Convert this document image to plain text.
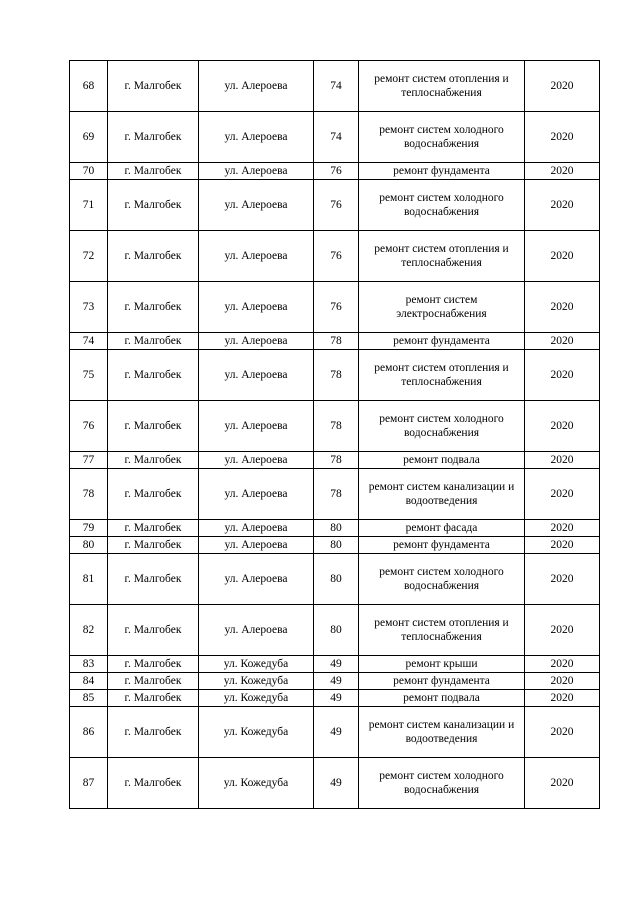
68	г. Малгобек	ул. Алероева	74	ремонт систем отопления и теплоснабжения	2020
69	г. Малгобек	ул. Алероева	74	ремонт систем холодного водоснабжения	2020
70	г. Малгобек	ул. Алероева	76	ремонт фундамента	2020
71	г. Малгобек	ул. Алероева	76	ремонт систем холодного водоснабжения	2020
72	г. Малгобек	ул. Алероева	76	ремонт систем отопления и теплоснабжения	2020
73	г. Малгобек	ул. Алероева	76	ремонт систем электроснабжения	2020
74	г. Малгобек	ул. Алероева	78	ремонт фундамента	2020
75	г. Малгобек	ул. Алероева	78	ремонт систем отопления и теплоснабжения	2020
76	г. Малгобек	ул. Алероева	78	ремонт систем холодного водоснабжения	2020
77	г. Малгобек	ул. Алероева	78	ремонт подвала	2020
78	г. Малгобек	ул. Алероева	78	ремонт систем канализации и водоотведения	2020
79	г. Малгобек	ул. Алероева	80	ремонт фасада	2020
80	г. Малгобек	ул. Алероева	80	ремонт фундамента	2020
81	г. Малгобек	ул. Алероева	80	ремонт систем холодного водоснабжения	2020
82	г. Малгобек	ул. Алероева	80	ремонт систем отопления и теплоснабжения	2020
83	г. Малгобек	ул. Кожедуба	49	ремонт крыши	2020
84	г. Малгобек	ул. Кожедуба	49	ремонт фундамента	2020
85	г. Малгобек	ул. Кожедуба	49	ремонт подвала	2020
86	г. Малгобек	ул. Кожедуба	49	ремонт систем канализации и водоотведения	2020
87	г. Малгобек	ул. Кожедуба	49	ремонт систем холодного водоснабжения	2020
